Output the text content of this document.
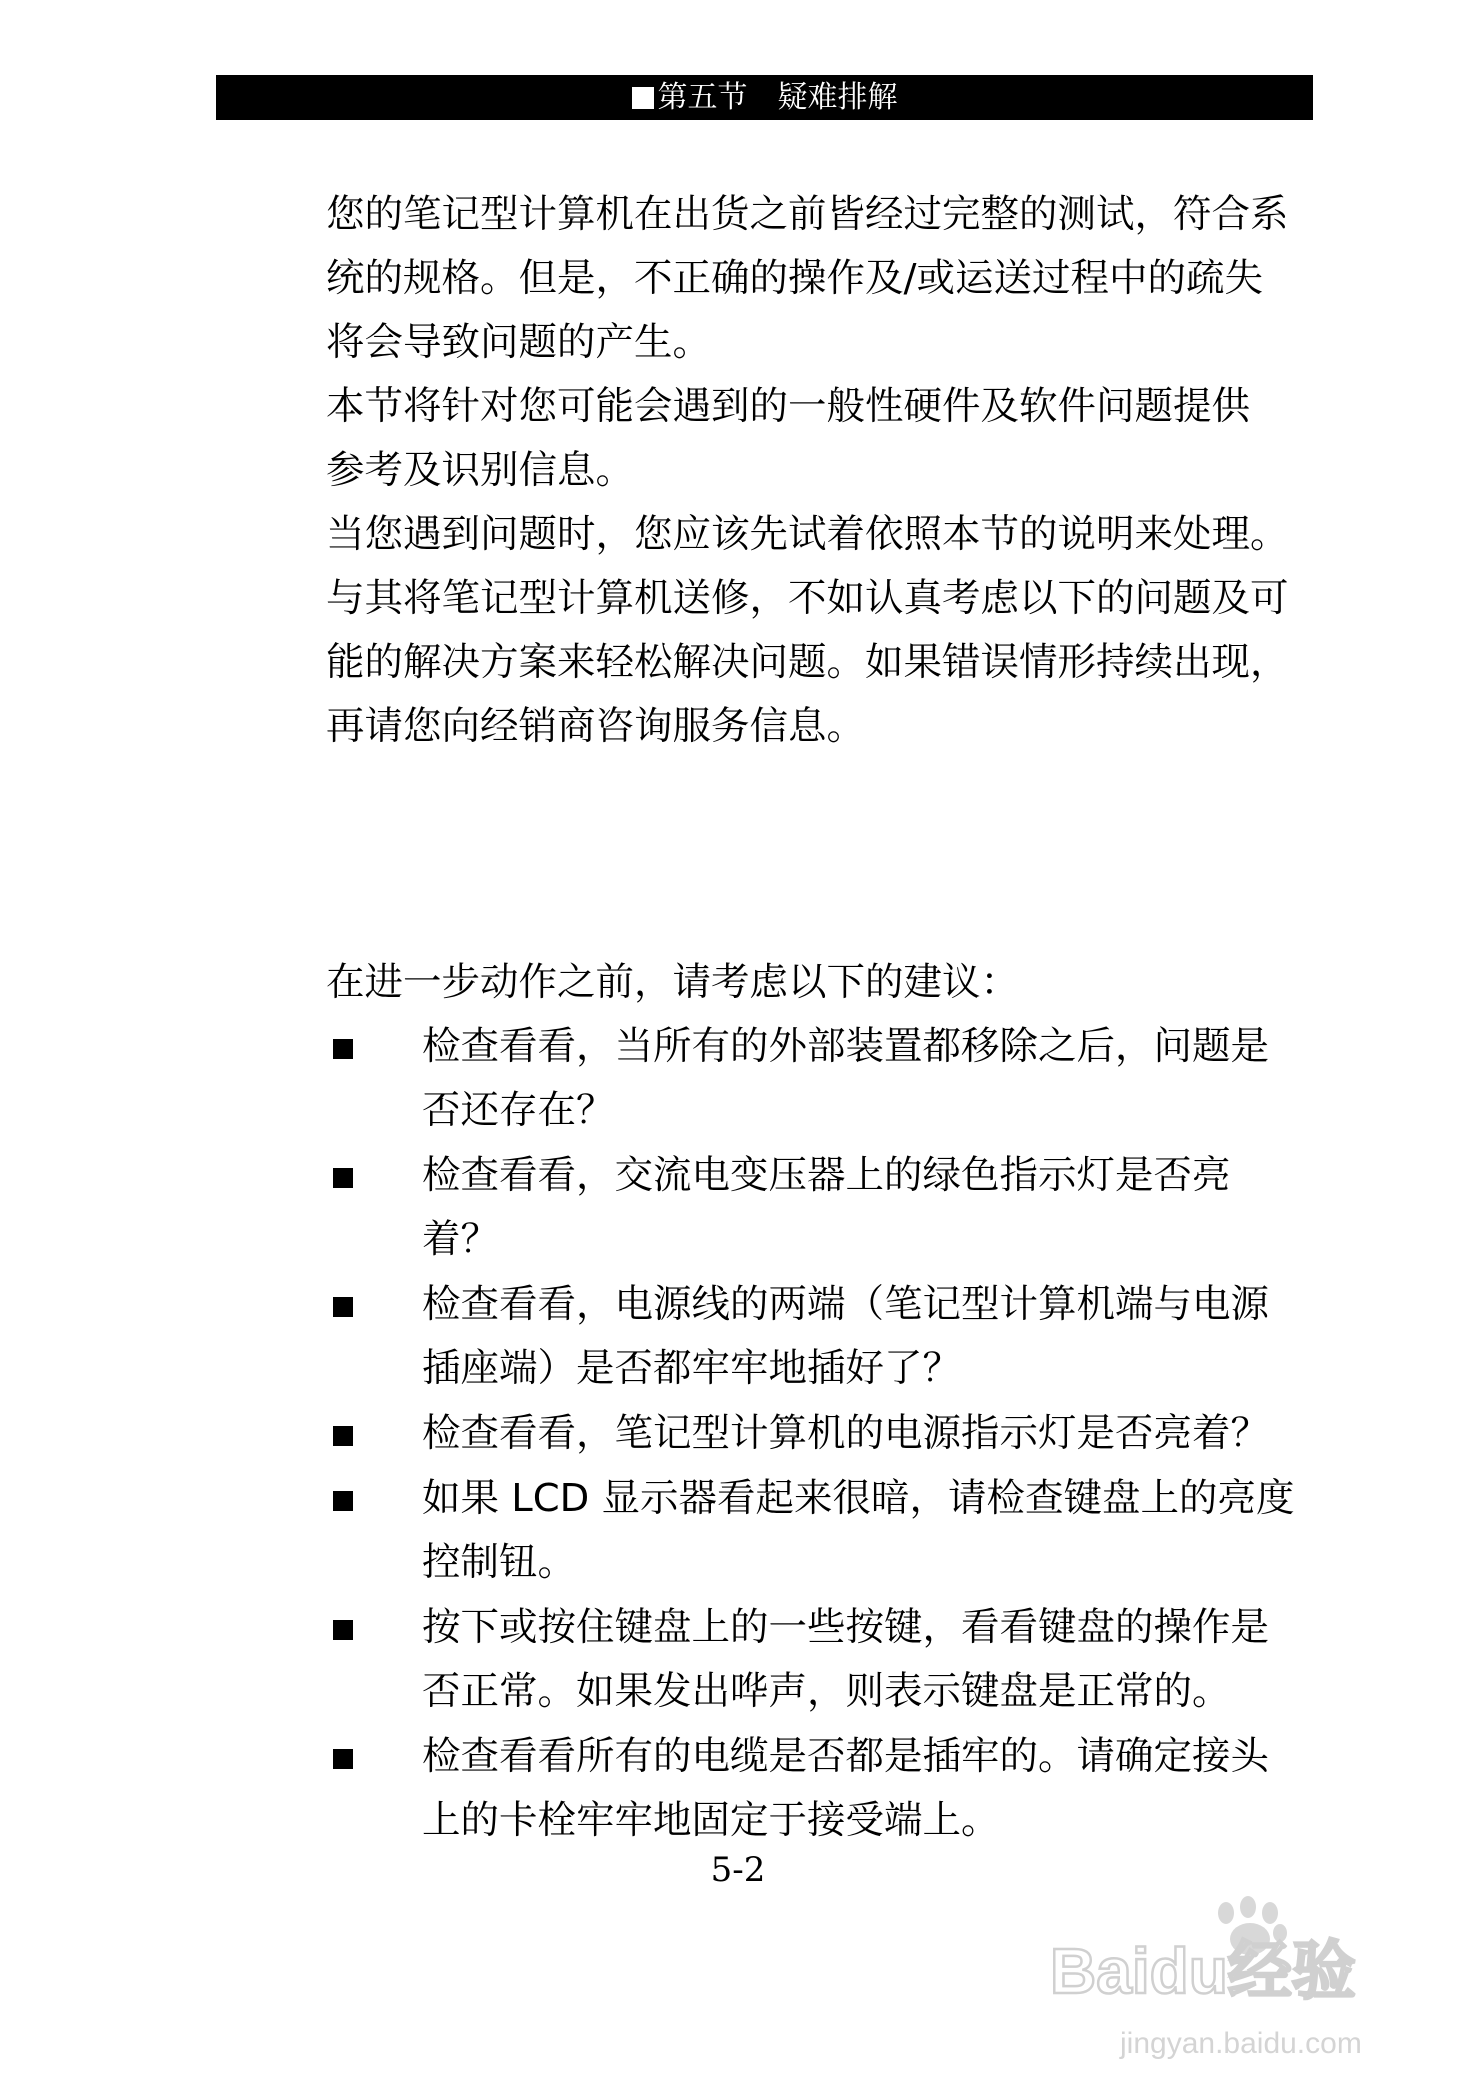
第五节　疑难排解
您的笔记型计算机在出货之前皆经过完整的测试，符合系
统的规格。但是，不正确的操作及/或运送过程中的疏失
将会导致问题的产生。
本节将针对您可能会遇到的一般性硬件及软件问题提供
参考及识别信息。
当您遇到问题时，您应该先试着依照本节的说明来处理。
与其将笔记型计算机送修，不如认真考虑以下的问题及可
能的解决方案来轻松解决问题。如果错误情形持续出现，
再请您向经销商咨询服务信息。

在进一步动作之前，请考虑以下的建议：

检查看看，当所有的外部装置都移除之后，问题是
否还存在？
检查看看，交流电变压器上的绿色指示灯是否亮
着？
检查看看，电源线的两端（笔记型计算机端与电源
插座端）是否都牢牢地插好了？
检查看看，笔记型计算机的电源指示灯是否亮着？
如果 LCD 显示器看起来很暗，请检查键盘上的亮度
控制钮。
按下或按住键盘上的一些按键，看看键盘的操作是
否正常。如果发出哗声，则表示键盘是正常的。
检查看看所有的电缆是否都是插牢的。请确定接头
上的卡栓牢牢地固定于接受端上。
5-2
Baidu经验
jingyan.baidu.com
